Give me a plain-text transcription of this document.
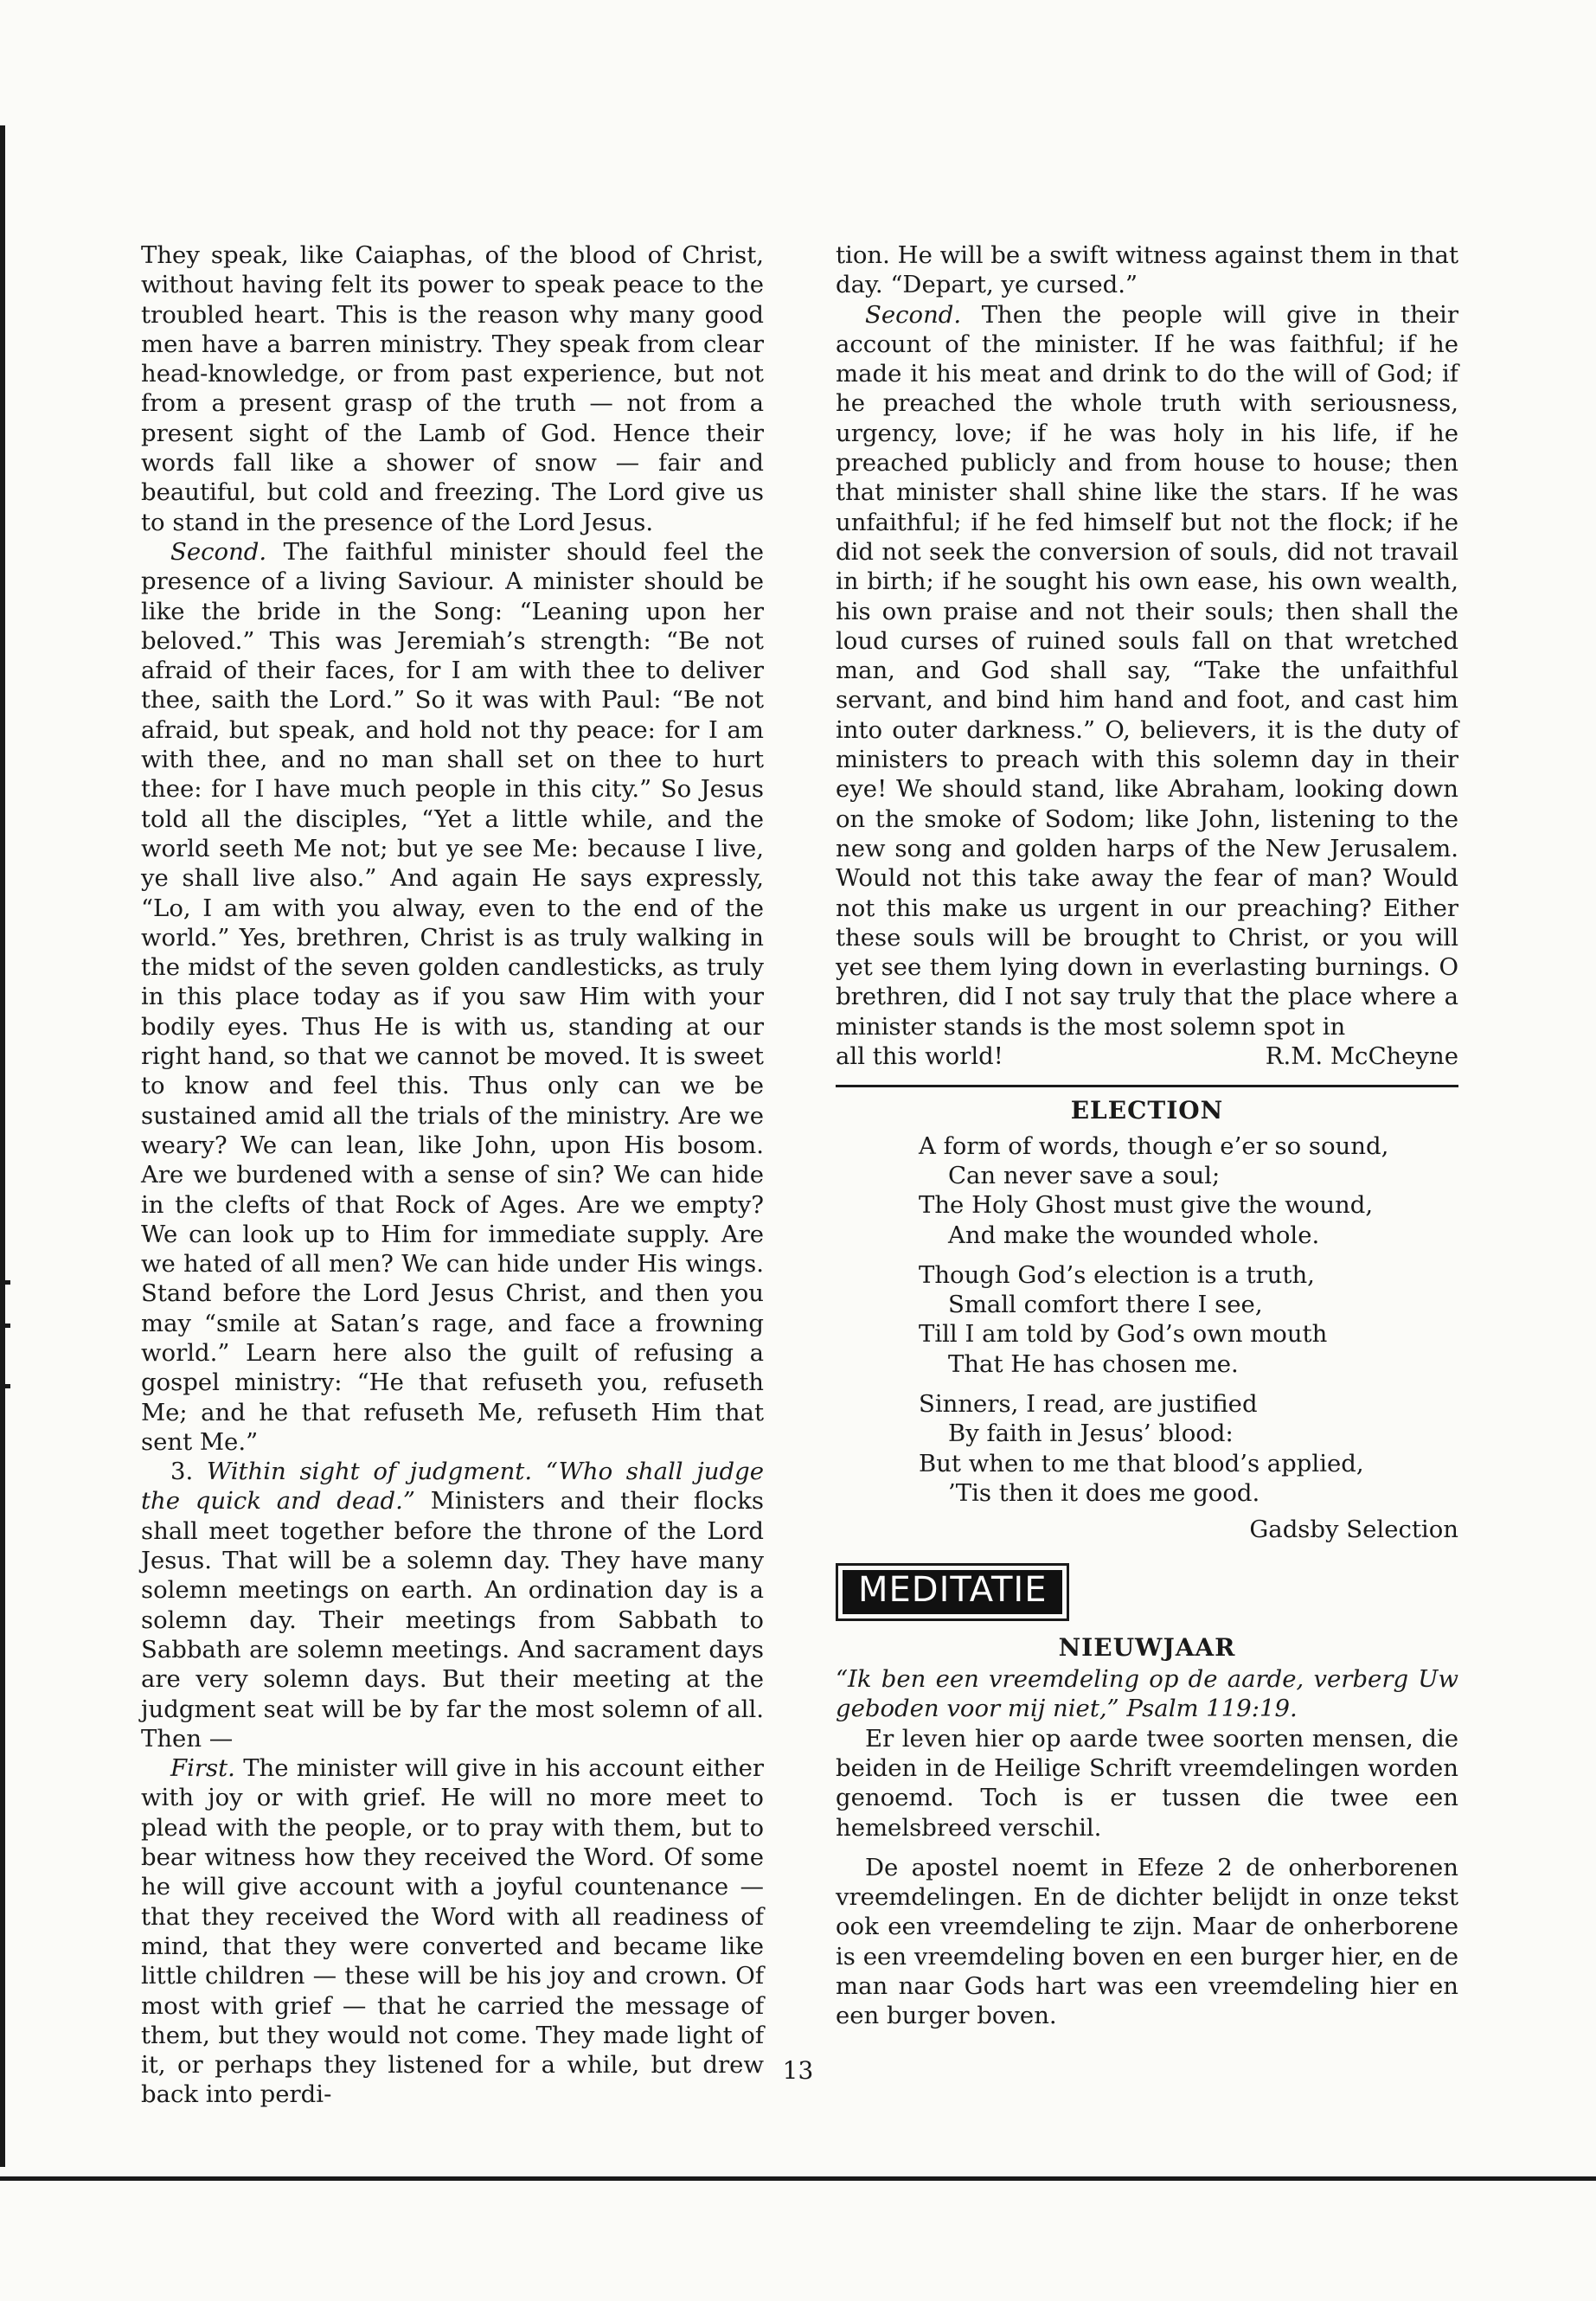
They speak, like Caiaphas, of the blood of Christ, without having felt its power to speak peace to the troubled heart. This is the reason why many good men have a barren ministry. They speak from clear head-knowledge, or from past experience, but not from a present grasp of the truth — not from a present sight of the Lamb of God. Hence their words fall like a shower of snow — fair and beautiful, but cold and freezing. The Lord give us to stand in the presence of the Lord Jesus.

Second. The faithful minister should feel the presence of a living Saviour. A minister should be like the bride in the Song: “Leaning upon her beloved.” This was Jeremiah’s strength: “Be not afraid of their faces, for I am with thee to deliver thee, saith the Lord.” So it was with Paul: “Be not afraid, but speak, and hold not thy peace: for I am with thee, and no man shall set on thee to hurt thee: for I have much people in this city.” So Jesus told all the disciples, “Yet a little while, and the world seeth Me not; but ye see Me: because I live, ye shall live also.” And again He says expressly, “Lo, I am with you alway, even to the end of the world.” Yes, brethren, Christ is as truly walking in the midst of the seven golden candlesticks, as truly in this place today as if you saw Him with your bodily eyes. Thus He is with us, standing at our right hand, so that we cannot be moved. It is sweet to know and feel this. Thus only can we be sustained amid all the trials of the ministry. Are we weary? We can lean, like John, upon His bosom. Are we burdened with a sense of sin? We can hide in the clefts of that Rock of Ages. Are we empty? We can look up to Him for immediate supply. Are we hated of all men? We can hide under His wings. Stand before the Lord Jesus Christ, and then you may “smile at Satan’s rage, and face a frowning world.” Learn here also the guilt of refusing a gospel ministry: “He that refuseth you, refuseth Me; and he that refuseth Me, refuseth Him that sent Me.”

3. Within sight of judgment. “Who shall judge the quick and dead.” Ministers and their flocks shall meet together before the throne of the Lord Jesus. That will be a solemn day. They have many solemn meetings on earth. An ordination day is a solemn day. Their meetings from Sabbath to Sabbath are solemn meetings. And sacrament days are very solemn days. But their meeting at the judgment seat will be by far the most solemn of all. Then —

First. The minister will give in his account either with joy or with grief. He will no more meet to plead with the people, or to pray with them, but to bear witness how they received the Word. Of some he will give account with a joyful countenance — that they received the Word with all readiness of mind, that they were converted and became like little children — these will be his joy and crown. Of most with grief — that he carried the message of them, but they would not come. They made light of it, or perhaps they listened for a while, but drew back into perdi-

tion. He will be a swift witness against them in that day. “Depart, ye cursed.”

Second. Then the people will give in their account of the minister. If he was faithful; if he made it his meat and drink to do the will of God; if he preached the whole truth with seriousness, urgency, love; if he was holy in his life, if he preached publicly and from house to house; then that minister shall shine like the stars. If he was unfaithful; if he fed himself but not the flock; if he did not seek the conversion of souls, did not travail in birth; if he sought his own ease, his own wealth, his own praise and not their souls; then shall the loud curses of ruined souls fall on that wretched man, and God shall say, “Take the unfaithful servant, and bind him hand and foot, and cast him into outer darkness.” O, believers, it is the duty of ministers to preach with this solemn day in their eye! We should stand, like Abraham, looking down on the smoke of Sodom; like John, listening to the new song and golden harps of the New Jerusalem. Would not this take away the fear of man? Would not this make us urgent in our preaching? Either these souls will be brought to Christ, or you will yet see them lying down in everlasting burnings. O brethren, did I not say truly that the place where a minister stands is the most solemn spot in

all this world!	R.M. McCheyne
ELECTION
A form of words, though e’er so sound,
Can never save a soul;
The Holy Ghost must give the wound,
And make the wounded whole.
Though God’s election is a truth,
Small comfort there I see,
Till I am told by God’s own mouth
That He has chosen me.
Sinners, I read, are justified
By faith in Jesus’ blood:
But when to me that blood’s applied,
’Tis then it does me good.
Gadsby Selection
MEDITATIE
NIEUWJAAR

“Ik ben een vreemdeling op de aarde, verberg Uw geboden voor mij niet,” Psalm 119:19.

Er leven hier op aarde twee soorten mensen, die beiden in de Heilige Schrift vreemdelingen worden genoemd. Toch is er tussen die twee een hemelsbreed verschil.

De apostel noemt in Efeze 2 de onherborenen vreemdelingen. En de dichter belijdt in onze tekst ook een vreemdeling te zijn. Maar de onherborene is een vreemdeling boven en een burger hier, en de man naar Gods hart was een vreemdeling hier en een burger boven.

13
